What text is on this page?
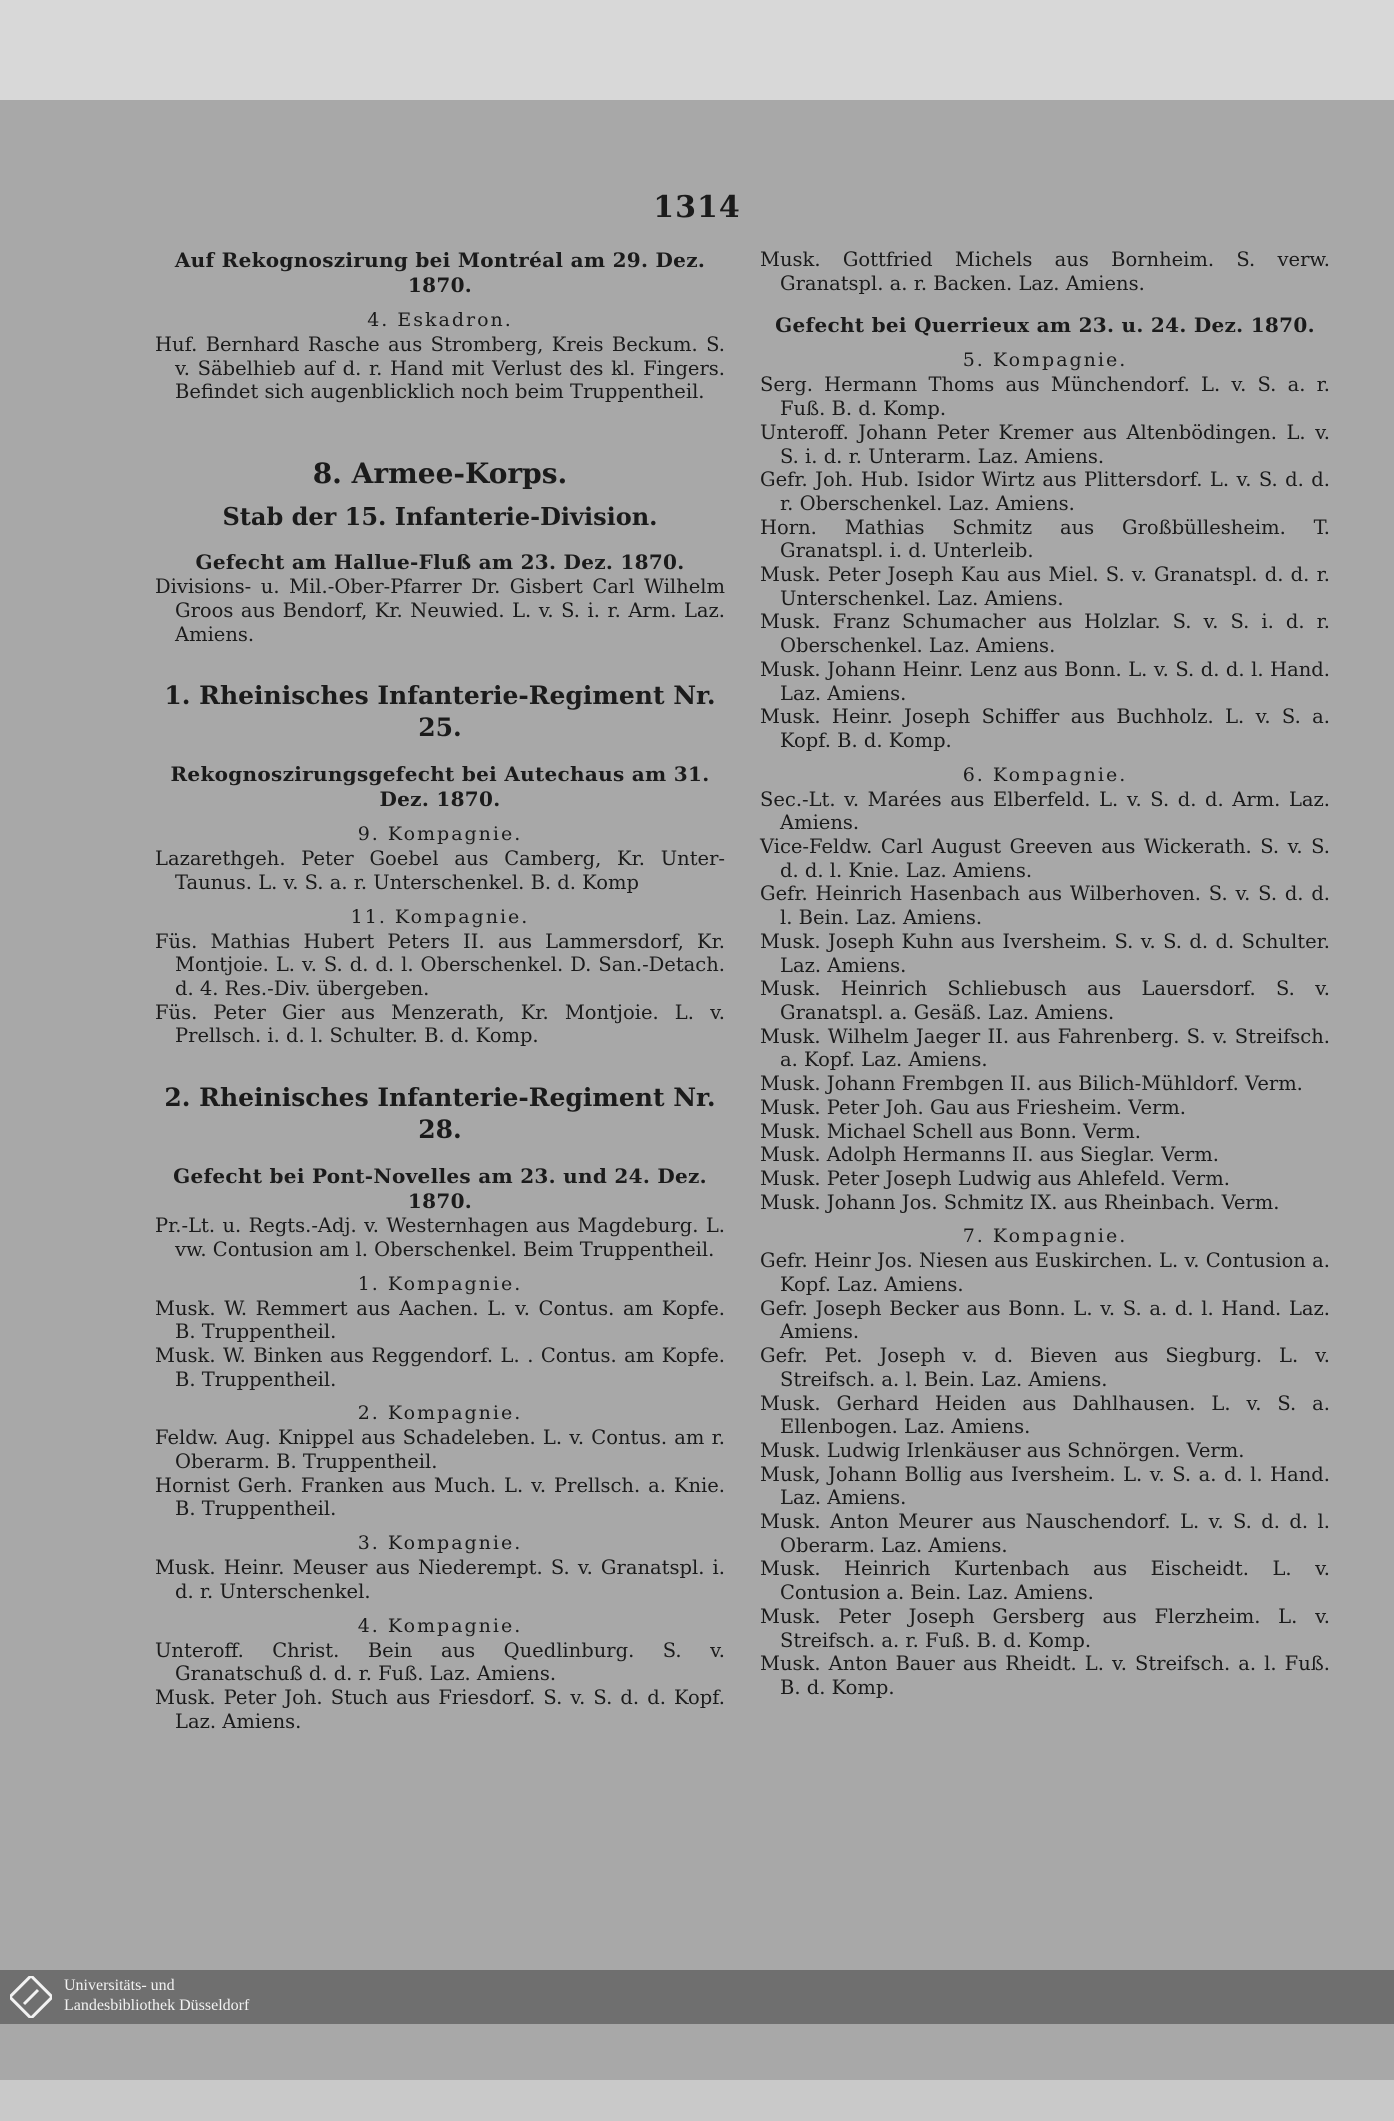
1314

Auf Rekognoszirung bei Montréal am 29. Dez. 1870.

4. Eskadron.

Huf. Bernhard Rasche aus Stromberg, Kreis Beckum. S. v. Säbelhieb auf d. r. Hand mit Verlust des kl. Fingers. Befindet sich augenblicklich noch beim Truppentheil.

8. Armee-Korps.

Stab der 15. Infanterie-Division.

Gefecht am Hallue-Fluß am 23. Dez. 1870.

Divisions- u. Mil.-Ober-Pfarrer Dr. Gisbert Carl Wilhelm Groos aus Bendorf, Kr. Neuwied. L. v. S. i. r. Arm. Laz. Amiens.

1. Rheinisches Infanterie-Regiment Nr. 25.

Rekognoszirungsgefecht bei Autechaus am 31. Dez. 1870.

9. Kompagnie.

Lazarethgeh. Peter Goebel aus Camberg, Kr. Unter-Taunus. L. v. S. a. r. Unterschenkel. B. d. Komp

11. Kompagnie.

Füs. Mathias Hubert Peters II. aus Lammersdorf, Kr. Montjoie. L. v. S. d. d. l. Oberschenkel. D. San.-Detach. d. 4. Res.-Div. übergeben.

Füs. Peter Gier aus Menzerath, Kr. Montjoie. L. v. Prellsch. i. d. l. Schulter. B. d. Komp.

2. Rheinisches Infanterie-Regiment Nr. 28.

Gefecht bei Pont-Novelles am 23. und 24. Dez. 1870.

Pr.-Lt. u. Regts.-Adj. v. Westernhagen aus Magdeburg. L. vw. Contusion am l. Oberschenkel. Beim Truppentheil.

1. Kompagnie.

Musk. W. Remmert aus Aachen. L. v. Contus. am Kopfe. B. Truppentheil.

Musk. W. Binken aus Reggendorf. L. . Contus. am Kopfe. B. Truppentheil.

2. Kompagnie.

Feldw. Aug. Knippel aus Schadeleben. L. v. Contus. am r. Oberarm. B. Truppentheil.

Hornist Gerh. Franken aus Much. L. v. Prellsch. a. Knie. B. Truppentheil.

3. Kompagnie.

Musk. Heinr. Meuser aus Niederempt. S. v. Granatspl. i. d. r. Unterschenkel.

4. Kompagnie.

Unteroff. Christ. Bein aus Quedlinburg. S. v. Granatschuß d. d. r. Fuß. Laz. Amiens.

Musk. Peter Joh. Stuch aus Friesdorf. S. v. S. d. d. Kopf. Laz. Amiens.

Musk. Gottfried Michels aus Bornheim. S. verw. Granatspl. a. r. Backen. Laz. Amiens.

Gefecht bei Querrieux am 23. u. 24. Dez. 1870.

5. Kompagnie.

Serg. Hermann Thoms aus Münchendorf. L. v. S. a. r. Fuß. B. d. Komp.

Unteroff. Johann Peter Kremer aus Altenbödingen. L. v. S. i. d. r. Unterarm. Laz. Amiens.

Gefr. Joh. Hub. Isidor Wirtz aus Plittersdorf. L. v. S. d. d. r. Oberschenkel. Laz. Amiens.

Horn. Mathias Schmitz aus Großbüllesheim. T. Granatspl. i. d. Unterleib.

Musk. Peter Joseph Kau aus Miel. S. v. Granatspl. d. d. r. Unterschenkel. Laz. Amiens.

Musk. Franz Schumacher aus Holzlar. S. v. S. i. d. r. Oberschenkel. Laz. Amiens.

Musk. Johann Heinr. Lenz aus Bonn. L. v. S. d. d. l. Hand. Laz. Amiens.

Musk. Heinr. Joseph Schiffer aus Buchholz. L. v. S. a. Kopf. B. d. Komp.

6. Kompagnie.

Sec.-Lt. v. Marées aus Elberfeld. L. v. S. d. d. Arm. Laz. Amiens.

Vice-Feldw. Carl August Greeven aus Wickerath. S. v. S. d. d. l. Knie. Laz. Amiens.

Gefr. Heinrich Hasenbach aus Wilberhoven. S. v. S. d. d. l. Bein. Laz. Amiens.

Musk. Joseph Kuhn aus Iversheim. S. v. S. d. d. Schulter. Laz. Amiens.

Musk. Heinrich Schliebusch aus Lauersdorf. S. v. Granatspl. a. Gesäß. Laz. Amiens.

Musk. Wilhelm Jaeger II. aus Fahrenberg. S. v. Streifsch. a. Kopf. Laz. Amiens.

Musk. Johann Frembgen II. aus Bilich-Mühldorf. Verm.

Musk. Peter Joh. Gau aus Friesheim. Verm.

Musk. Michael Schell aus Bonn. Verm.

Musk. Adolph Hermanns II. aus Sieglar. Verm.

Musk. Peter Joseph Ludwig aus Ahlefeld. Verm.

Musk. Johann Jos. Schmitz IX. aus Rheinbach. Verm.

7. Kompagnie.

Gefr. Heinr Jos. Niesen aus Euskirchen. L. v. Contusion a. Kopf. Laz. Amiens.

Gefr. Joseph Becker aus Bonn. L. v. S. a. d. l. Hand. Laz. Amiens.

Gefr. Pet. Joseph v. d. Bieven aus Siegburg. L. v. Streifsch. a. l. Bein. Laz. Amiens.

Musk. Gerhard Heiden aus Dahlhausen. L. v. S. a. Ellenbogen. Laz. Amiens.

Musk. Ludwig Irlenkäuser aus Schnörgen. Verm.

Musk, Johann Bollig aus Iversheim. L. v. S. a. d. l. Hand. Laz. Amiens.

Musk. Anton Meurer aus Nauschendorf. L. v. S. d. d. l. Oberarm. Laz. Amiens.

Musk. Heinrich Kurtenbach aus Eischeidt. L. v. Contusion a. Bein. Laz. Amiens.

Musk. Peter Joseph Gersberg aus Flerzheim. L. v. Streifsch. a. r. Fuß. B. d. Komp.

Musk. Anton Bauer aus Rheidt. L. v. Streifsch. a. l. Fuß. B. d. Komp.

Universitäts- und
Landesbibliothek Düsseldorf
